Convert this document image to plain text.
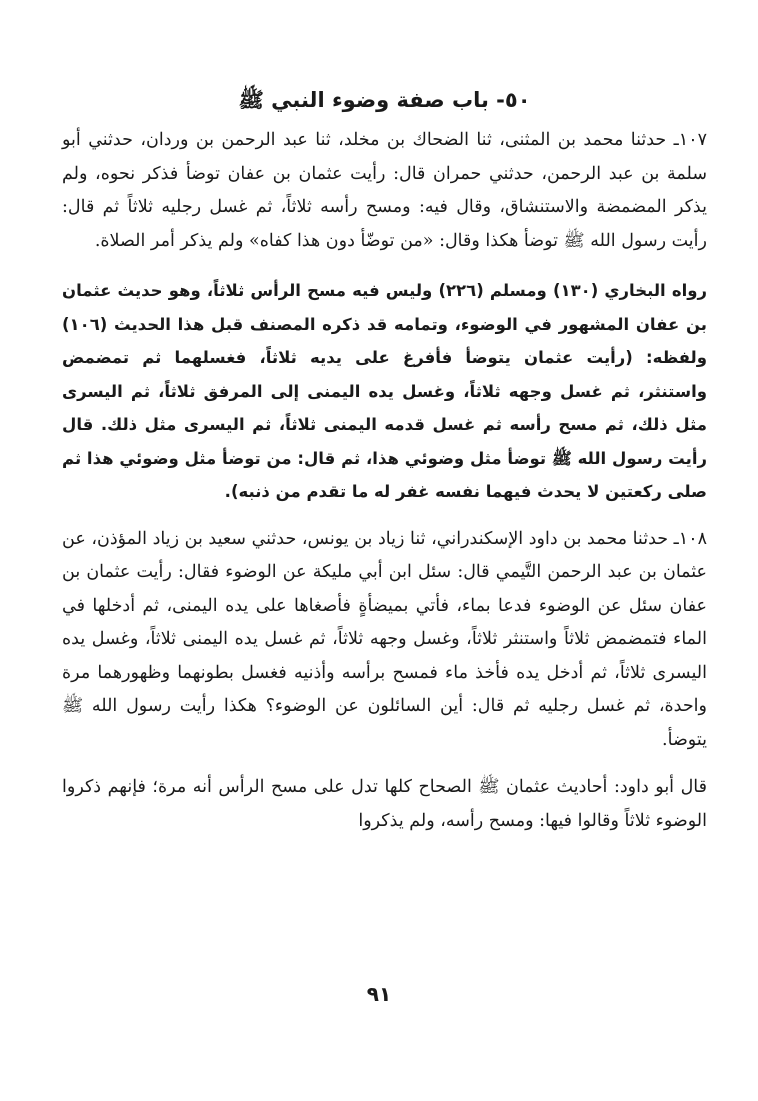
٥٠- باب صفة وضوء النبي ﷺ

١٠٧ـ حدثنا محمد بن المثنى، ثنا الضحاك بن مخلد، ثنا عبد الرحمن بن وردان، حدثني أبو سلمة بن عبد الرحمن، حدثني حمران قال: رأيت عثمان بن عفان توضأ فذكر نحوه، ولم يذكر المضمضة والاستنشاق، وقال فيه: ومسح رأسه ثلاثاً، ثم غسل رجليه ثلاثاً ثم قال: رأيت رسول الله ﷺ توضأ هكذا وقال: «من توضّأ دون هذا كفاه» ولم يذكر أمر الصلاة.

رواه البخاري (١٣٠) ومسلم (٢٢٦) وليس فيه مسح الرأس ثلاثاً، وهو حديث عثمان بن عفان المشهور في الوضوء، وتمامه قد ذكره المصنف قبل هذا الحديث (١٠٦) ولفظه: (رأيت عثمان يتوضأ فأفرغ على يديه ثلاثاً، فغسلهما ثم تمضمض واستنثر، ثم غسل وجهه ثلاثاً، وغسل يده اليمنى إلى المرفق ثلاثاً، ثم اليسرى مثل ذلك، ثم مسح رأسه ثم غسل قدمه اليمنى ثلاثاً، ثم اليسرى مثل ذلك. قال رأيت رسول الله ﷺ توضأ مثل وضوئي هذا، ثم قال: من توضأ مثل وضوئي هذا ثم صلى ركعتين لا يحدث فيهما نفسه غفر له ما تقدم من ذنبه).

١٠٨ـ حدثنا محمد بن داود الإسكندراني، ثنا زياد بن يونس، حدثني سعيد بن زياد المؤذن، عن عثمان بن عبد الرحمن التَّيمي قال: سئل ابن أبي مليكة عن الوضوء فقال: رأيت عثمان بن عفان سئل عن الوضوء فدعا بماء، فأتي بميضأةٍ فأصغاها على يده اليمنى، ثم أدخلها في الماء فتمضمض ثلاثاً واستنثر ثلاثاً، وغسل وجهه ثلاثاً، ثم غسل يده اليمنى ثلاثاً، وغسل يده اليسرى ثلاثاً، ثم أدخل يده فأخذ ماء فمسح برأسه وأذنيه فغسل بطونهما وظهورهما مرة واحدة، ثم غسل رجليه ثم قال: أين السائلون عن الوضوء؟ هكذا رأيت رسول الله ﷺ يتوضأ.

قال أبو داود: أحاديث عثمان ﷺ الصحاح كلها تدل على مسح الرأس أنه مرة؛ فإنهم ذكروا الوضوء ثلاثاً وقالوا فيها: ومسح رأسه، ولم يذكروا

٩١
